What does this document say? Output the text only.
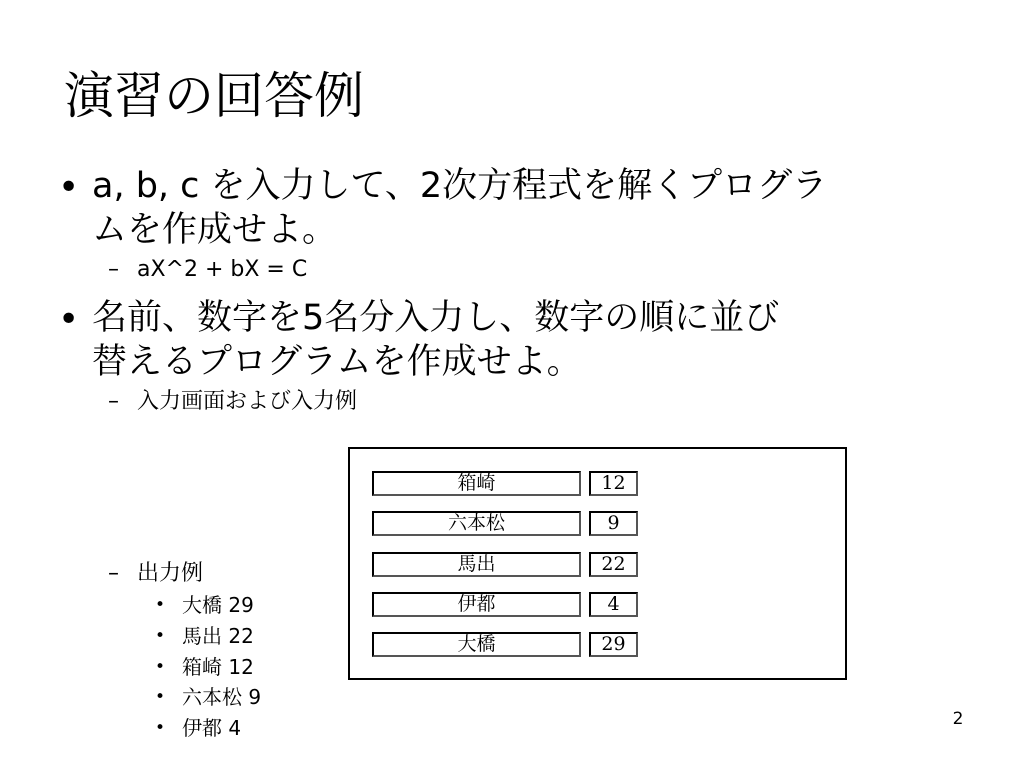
演習の回答例
• a, b, c を入力して、2次方程式を解くプログラ
ムを作成せよ。
– aX^2 + bX = C
• 名前、数字を5名分入力し、数字の順に並び
替えるプログラムを作成せよ。
– 入力画面および入力例
箱崎	12
六本松	9
馬出	22
伊都	4
大橋	29
– 出力例
• 大橋 29
• 馬出 22
• 箱崎 12
• 六本松 9
• 伊都 4	2
